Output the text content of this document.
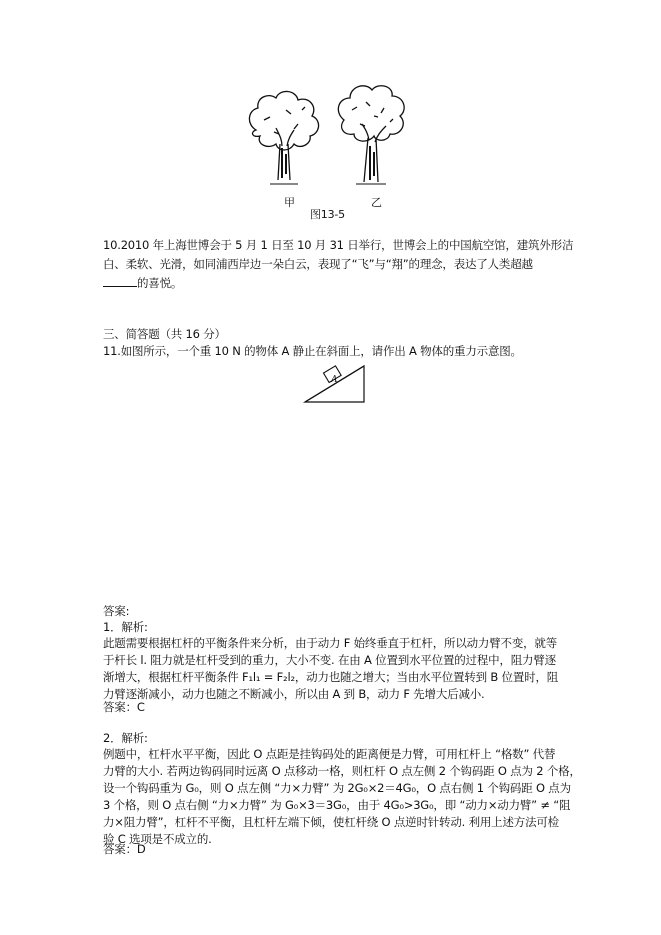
甲	乙
图13-5
10.2010 年上海世博会于 5 月 1 日至 10 月 31 日举行，世博会上的中国航空馆，建筑外形洁
白、柔软、光滑，如同浦西岸边一朵白云，表现了“飞”与“翔”的理念，表达了人类超越
的喜悦。
三、简答题（共 16 分）
11.如图所示，一个重 10 N 的物体 A 静止在斜面上，请作出 A 物体的重力示意图。
A
答案:
1．解析:
此题需要根据杠杆的平衡条件来分析，由于动力 F 始终垂直于杠杆，所以动力臂不变，就等
于杆长 l. 阻力就是杠杆受到的重力，大小不变. 在由 A 位置到水平位置的过程中，阻力臂逐
渐增大，根据杠杆平衡条件 F₁l₁ = F₂l₂，动力也随之增大；当由水平位置转到 B 位置时，阻
力臂逐渐减小，动力也随之不断减小，所以由 A 到 B，动力 F 先增大后减小.
答案：C
2．解析:
例题中，杠杆水平平衡，因此 O 点距是挂钩码处的距离便是力臂，可用杠杆上 “格数” 代替
力臂的大小. 若两边钩码同时远离 O 点移动一格，则杠杆 O 点左侧 2 个钩码距 O 点为 2 个格，
设一个钩码重为 G₀，则 O 点左侧 “力×力臂” 为 2G₀×2＝4G₀，O 点右侧 1 个钩码距 O 点为
3 个格，则 O 点右侧 “力×力臂” 为 G₀×3＝3G₀，由于 4G₀>3G₀，即 “动力×动力臂” ≠ “阻
力×阻力臂”，杠杆不平衡，且杠杆左端下倾，使杠杆绕 O 点逆时针转动. 利用上述方法可检
验 C 选项是不成立的.
答案：D
